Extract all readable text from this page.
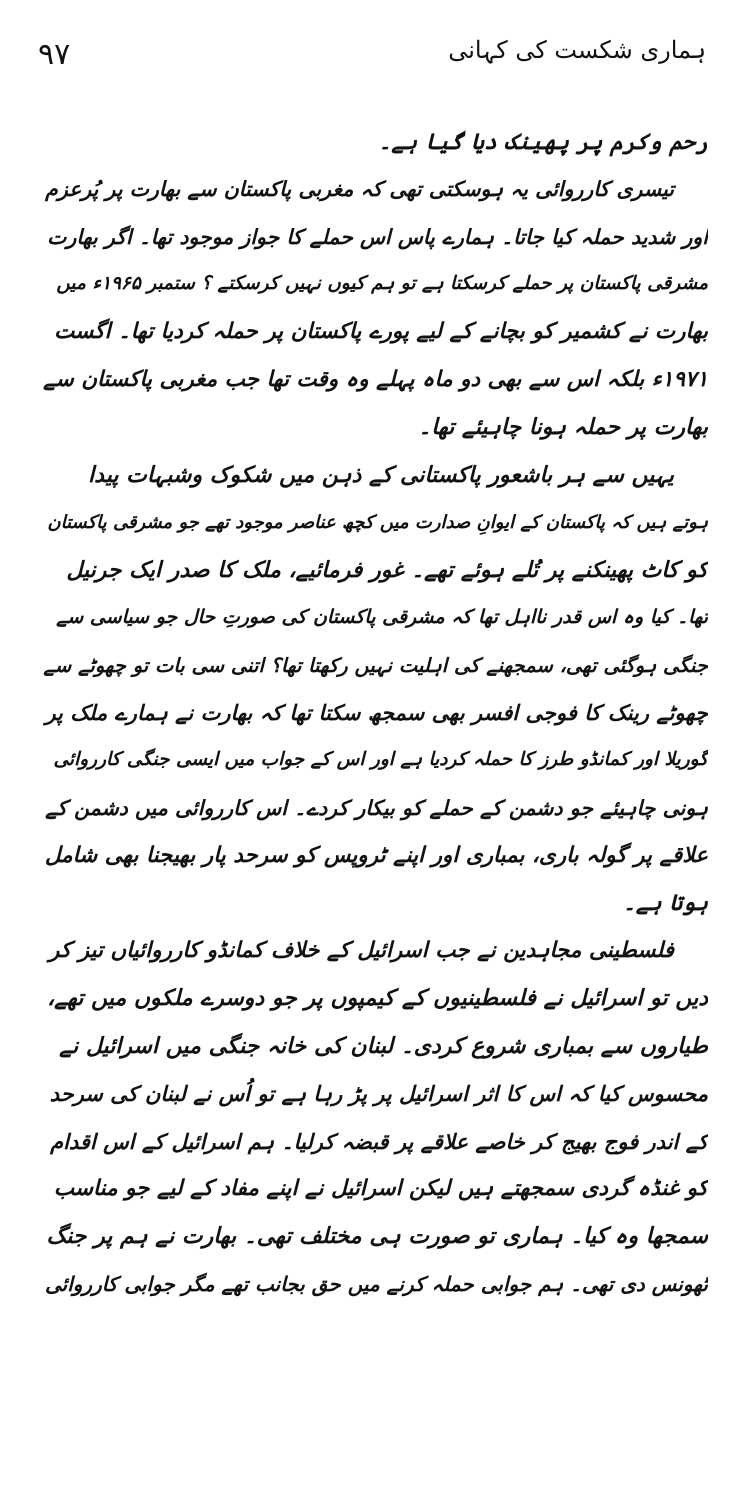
۹۷	ہماری شکست کی کہانی
رحم وکرم پر پھینک دیا گیا ہے۔
تیسری کارروائی یہ ہوسکتی تھی کہ مغربی پاکستان سے بھارت پر پُرعزم
اور شدید حملہ کیا جاتا۔ ہمارے پاس اس حملے کا جواز موجود تھا۔ اگر بھارت
مشرقی پاکستان پر حملے کرسکتا ہے تو ہم کیوں نہیں کرسکتے ؟ ستمبر ۱۹۶۵ء میں
بھارت نے کشمیر کو بچانے کے لیے پورے پاکستان پر حملہ کردیا تھا۔ اگست
۱۹۷۱ء بلکہ اس سے بھی دو ماہ پہلے وہ وقت تھا جب مغربی پاکستان سے
بھارت پر حملہ ہونا چاہیئے تھا۔
یہیں سے ہر باشعور پاکستانی کے ذہن میں شکوک وشبہات پیدا
ہوتے ہیں کہ پاکستان کے ایوانِ صدارت میں کچھ عناصر موجود تھے جو مشرقی پاکستان
کو کاٹ پھینکنے پر تُلے ہوئے تھے۔ غور فرمائیے، ملک کا صدر ایک جرنیل
تھا۔ کیا وہ اس قدر نااہل تھا کہ مشرقی پاکستان کی صورتِ حال جو سیاسی سے
جنگی ہوگئی تھی، سمجھنے کی اہلیت نہیں رکھتا تھا؟ اتنی سی بات تو چھوٹے سے
چھوٹے رینک کا فوجی افسر بھی سمجھ سکتا تھا کہ بھارت نے ہمارے ملک پر
گوریلا اور کمانڈو طرز کا حملہ کردیا ہے اور اس کے جواب میں ایسی جنگی کارروائی
ہونی چاہیئے جو دشمن کے حملے کو بیکار کردے۔ اس کارروائی میں دشمن کے
علاقے پر گولہ باری، بمباری اور اپنے ٹروپس کو سرحد پار بھیجنا بھی شامل
ہوتا ہے۔
فلسطینی مجاہدین نے جب اسرائیل کے خلاف کمانڈو کارروائیاں تیز کر
دیں تو اسرائیل نے فلسطینیوں کے کیمپوں پر جو دوسرے ملکوں میں تھے،
طیاروں سے بمباری شروع کردی۔ لبنان کی خانہ جنگی میں اسرائیل نے
محسوس کیا کہ اس کا اثر اسرائیل پر پڑ رہا ہے تو اُس نے لبنان کی سرحد
کے اندر فوج بھیج کر خاصے علاقے پر قبضہ کرلیا۔ ہم اسرائیل کے اس اقدام
کو غنڈہ گردی سمجھتے ہیں لیکن اسرائیل نے اپنے مفاد کے لیے جو مناسب
سمجھا وہ کیا۔ ہماری تو صورت ہی مختلف تھی۔ بھارت نے ہم پر جنگ
ٹھونس دی تھی۔ ہم جوابی حملہ کرنے میں حق بجانب تھے مگر جوابی کارروائی
